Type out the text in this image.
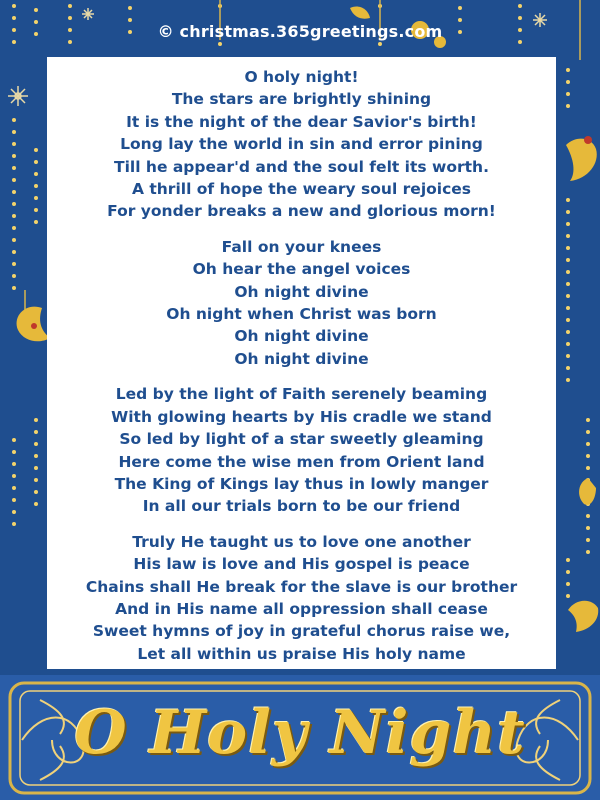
© christmas.365greetings.com
O holy night!
The stars are brightly shining
It is the night of the dear Savior's birth!
Long lay the world in sin and error pining
Till he appear'd and the soul felt its worth.
A thrill of hope the weary soul rejoices
For yonder breaks a new and glorious morn!
Fall on your knees
Oh hear the angel voices
Oh night divine
Oh night when Christ was born
Oh night divine
Oh night divine
Led by the light of Faith serenely beaming
With glowing hearts by His cradle we stand
So led by light of a star sweetly gleaming
Here come the wise men from Orient land
The King of Kings lay thus in lowly manger
In all our trials born to be our friend
Truly He taught us to love one another
His law is love and His gospel is peace
Chains shall He break for the slave is our brother
And in His name all oppression shall cease
Sweet hymns of joy in grateful chorus raise we,
Let all within us praise His holy name
O Holy Night
